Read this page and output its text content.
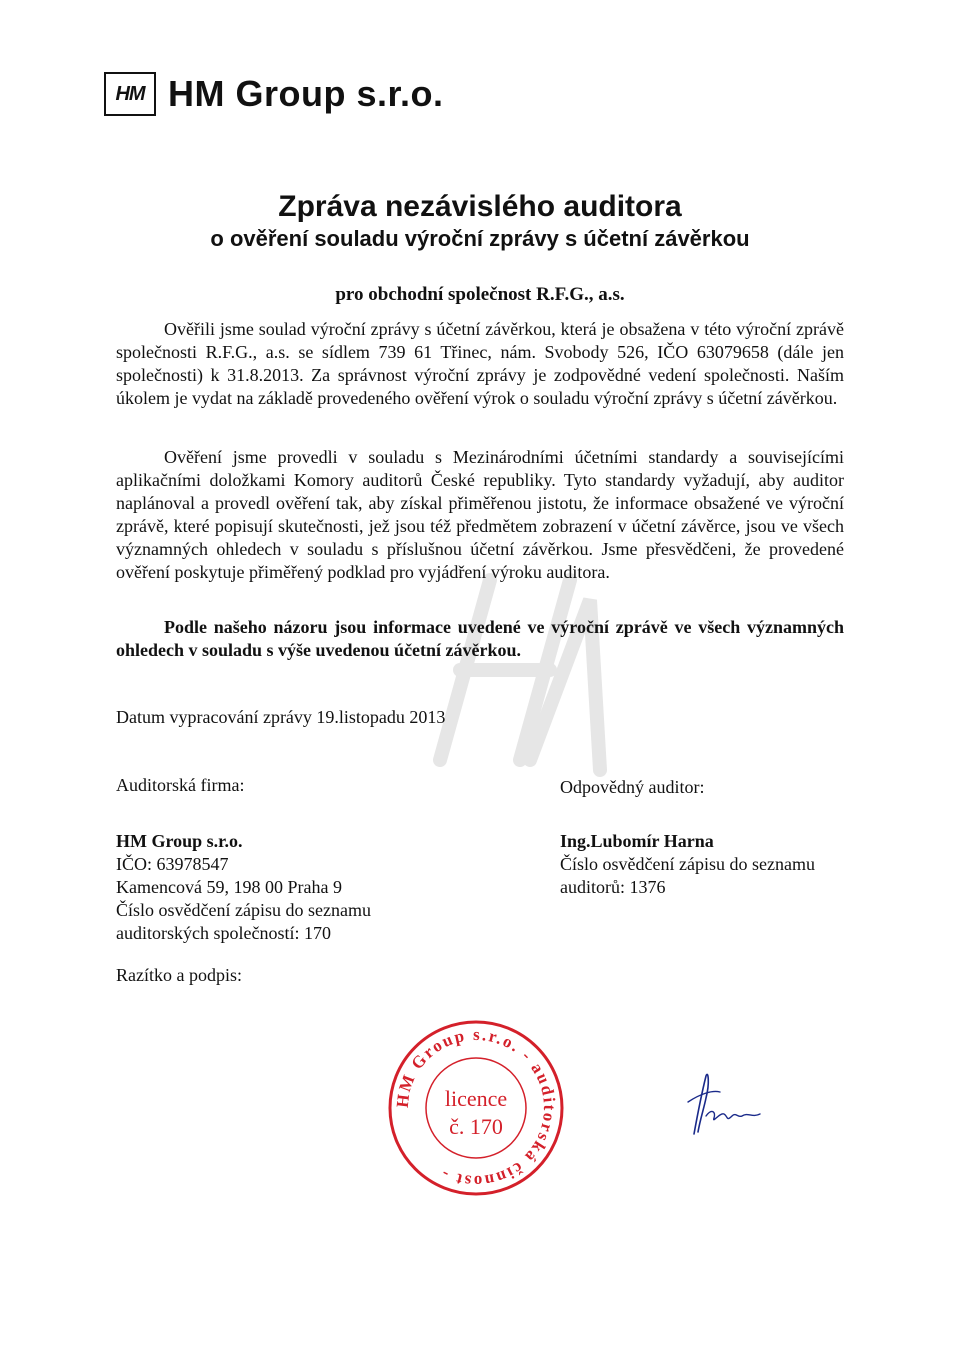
HM HM Group s.r.o.
Zpráva nezávislého auditora
o ověření souladu výroční zprávy s účetní závěrkou
pro obchodní společnost R.F.G., a.s.
Ověřili jsme soulad výroční zprávy s účetní závěrkou, která je obsažena v této výroční zprávě společnosti R.F.G., a.s. se sídlem 739 61 Třinec, nám. Svobody 526, IČO 63079658 (dále jen společnosti) k 31.8.2013. Za správnost výroční zprávy je zodpovědné vedení společnosti. Naším úkolem je vydat na základě provedeného ověření výrok o souladu výroční zprávy s účetní závěrkou.
Ověření jsme provedli v souladu s Mezinárodními účetními standardy a souvisejícími aplikačními doložkami Komory auditorů České republiky. Tyto standardy vyžadují, aby auditor naplánoval a provedl ověření tak, aby získal přiměřenou jistotu, že informace obsažené ve výroční zprávě, které popisují skutečnosti, jež jsou též předmětem zobrazení v účetní závěrce, jsou ve všech významných ohledech v souladu s příslušnou účetní závěrkou. Jsme přesvědčeni, že provedené ověření poskytuje přiměřený podklad pro vyjádření výroku auditora.
Podle našeho názoru jsou informace uvedené ve výroční zprávě ve všech významných ohledech v souladu s výše uvedenou účetní závěrkou.
Datum vypracování zprávy 19.listopadu 2013
Auditorská firma:	Odpovědný auditor:
HM Group s.r.o.
IČO: 63978547
Kamencová 59, 198 00 Praha 9
Číslo osvědčení zápisu do seznamu
auditorských společností: 170
Ing.Lubomír Harna
Číslo osvědčení zápisu do seznamu
auditorů: 1376
Razítko a podpis:
HM Group s.r.o. - auditorská činnost -
licence
č. 170
